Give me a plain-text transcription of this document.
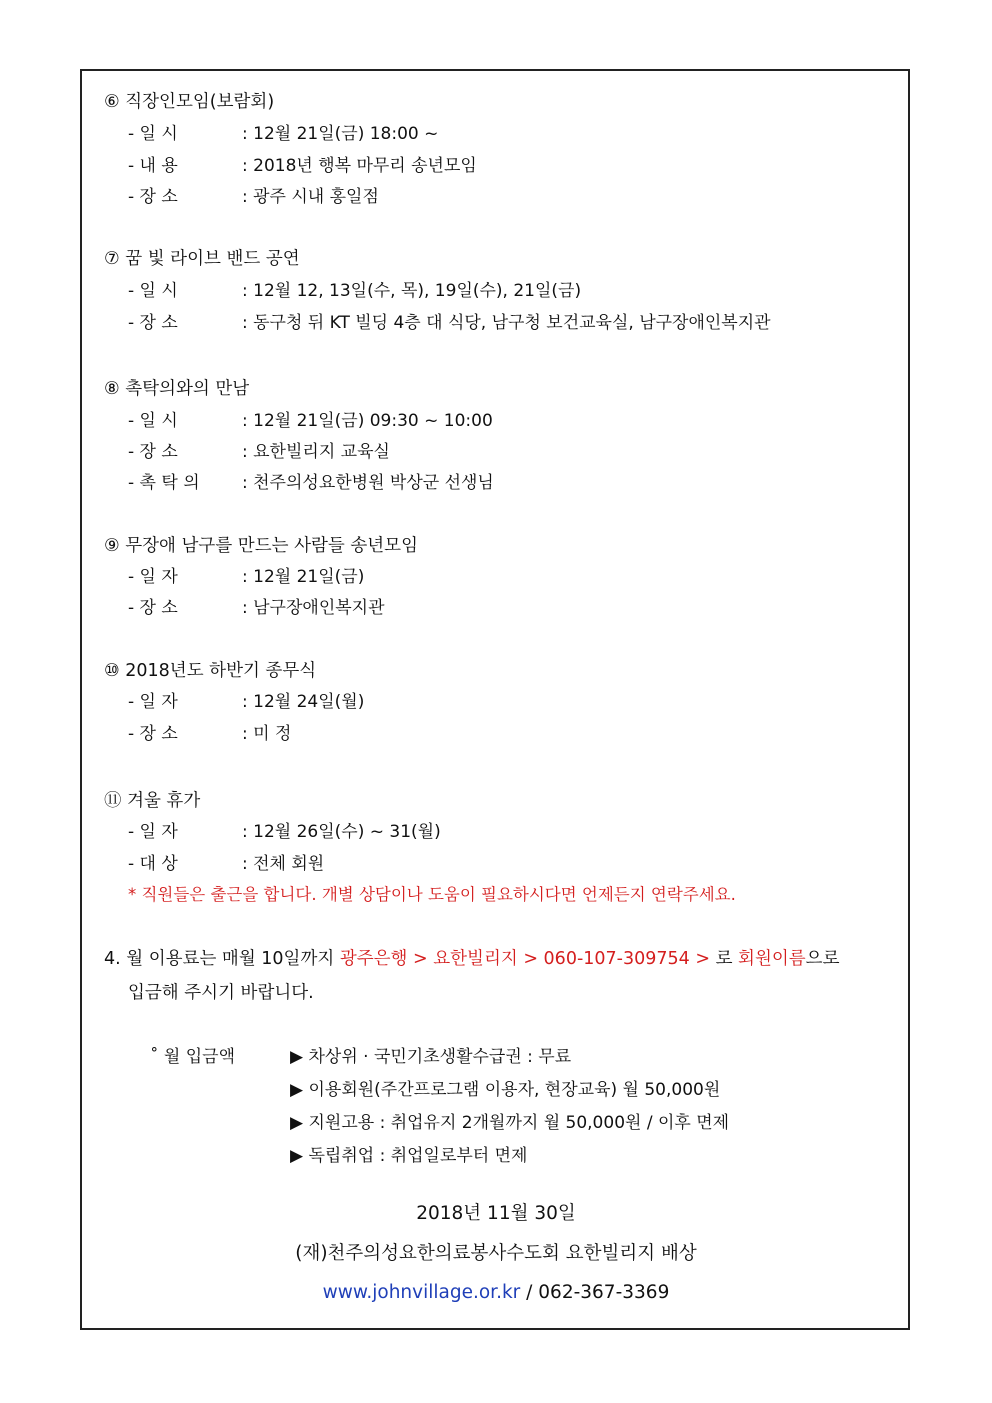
⑥ 직장인모임(보람회)
- 일 시	: 12월 21일(금) 18:00 ~
- 내 용	: 2018년 행복 마무리 송년모임
- 장 소	: 광주 시내 홍일점
⑦ 꿈 빛 라이브 밴드 공연
- 일 시	: 12월 12, 13일(수, 목), 19일(수), 21일(금)
- 장 소	: 동구청 뒤 KT 빌딩 4층 대 식당, 남구청 보건교육실, 남구장애인복지관
⑧ 촉탁의와의 만남
- 일 시	: 12월 21일(금) 09:30 ~ 10:00
- 장 소	: 요한빌리지 교육실
- 촉 탁 의 : 천주의성요한병원 박상군 선생님
⑨ 무장애 남구를 만드는 사람들 송년모임
- 일 자	: 12월 21일(금)
- 장 소	: 남구장애인복지관
⑩ 2018년도 하반기 종무식
- 일 자	: 12월 24일(월)
- 장 소	: 미 정
⑪ 겨울 휴가
- 일 자	: 12월 26일(수) ~ 31(월)
- 대 상	: 전체 회원
* 직원들은 출근을 합니다. 개별 상담이나 도움이 필요하시다면 언제든지 연락주세요.
4. 월 이용료는 매월 10일까지 광주은행 > 요한빌리지 > 060-107-309754 > 로 회원이름으로
입금해 주시기 바랍니다.
˚ 월 입금액	▶ 차상위 · 국민기초생활수급권 : 무료
▶ 이용회원(주간프로그램 이용자, 현장교육) 월 50,000원
▶ 지원고용 : 취업유지 2개월까지 월 50,000원 / 이후 면제
▶ 독립취업 : 취업일로부터 면제
2018년 11월 30일
(재)천주의성요한의료봉사수도회 요한빌리지 배상
www.johnvillage.or.kr / 062-367-3369
